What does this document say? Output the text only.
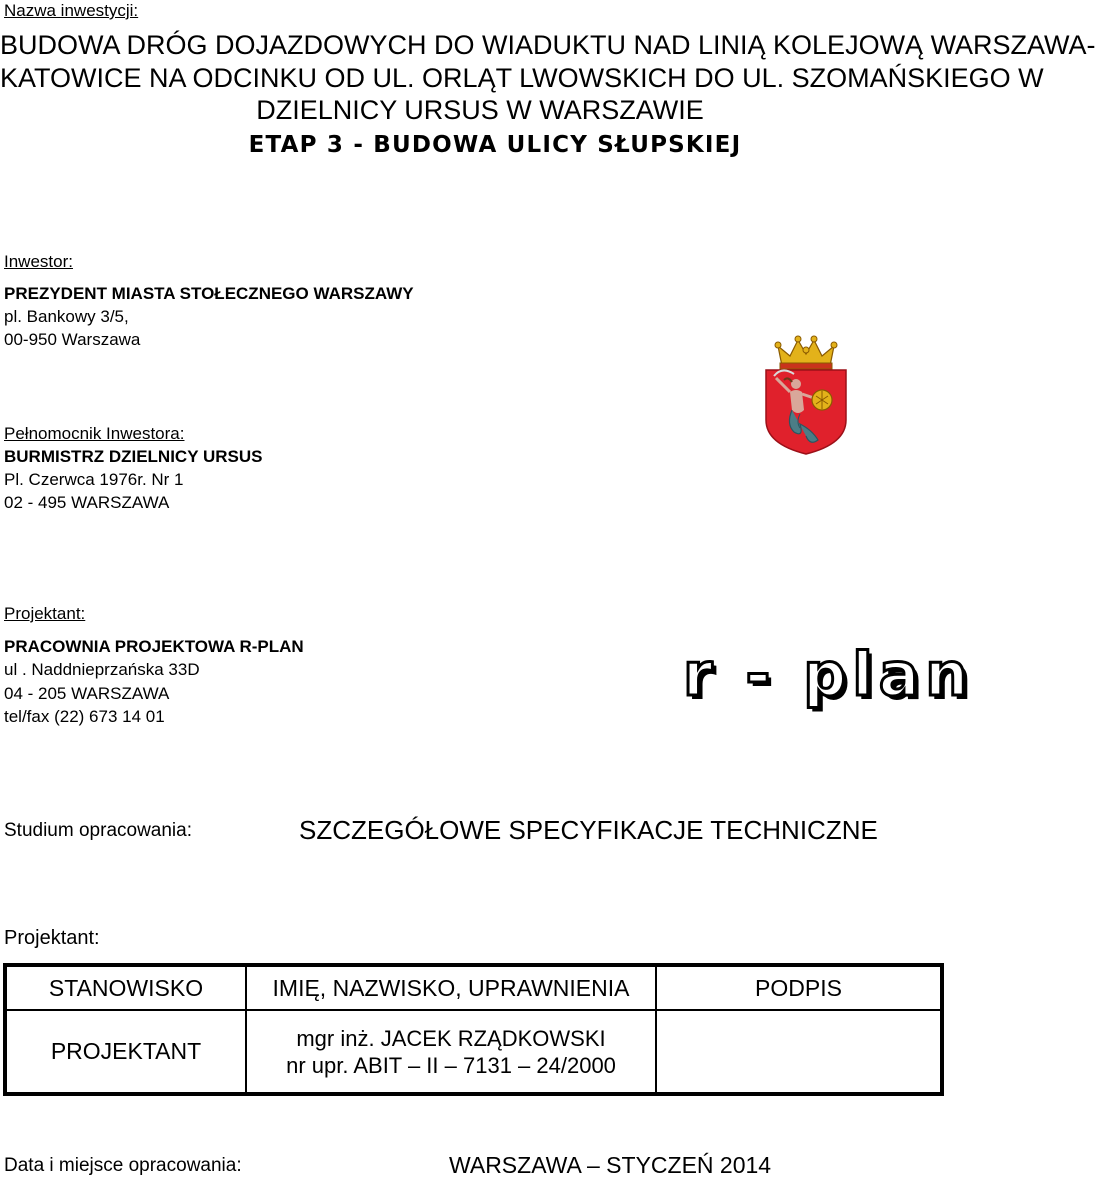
Nazwa inwestycji:
BUDOWA DRÓG DOJAZDOWYCH DO WIADUKTU NAD LINIĄ KOLEJOWĄ WARSZAWA-
KATOWICE NA ODCINKU OD UL. ORLĄT LWOWSKICH DO UL. SZOMAŃSKIEGO W
DZIELNICY URSUS W WARSZAWIE
ETAP 3 - BUDOWA ULICY SŁUPSKIEJ
Inwestor:
PREZYDENT MIASTA STOŁECZNEGO WARSZAWY
pl. Bankowy 3/5,
00-950 Warszawa
Pełnomocnik Inwestora:
BURMISTRZ DZIELNICY URSUS
Pl. Czerwca 1976r. Nr 1
02 - 495 WARSZAWA
Projektant:
PRACOWNIA PROJEKTOWA R-PLAN
ul . Naddnieprzańska 33D
04 - 205 WARSZAWA
tel/fax (22) 673 14 01
r - plan
Studium opracowania:	SZCZEGÓŁOWE SPECYFIKACJE TECHNICZNE
Projektant:
STANOWISKO	IMIĘ, NAZWISKO, UPRAWNIENIA	PODPIS
PROJEKTANT	mgr inż. JACEK RZĄDKOWSKI
nr upr. ABIT – II – 7131 – 24/2000	

Data i miejsce opracowania:	WARSZAWA – STYCZEŃ 2014
